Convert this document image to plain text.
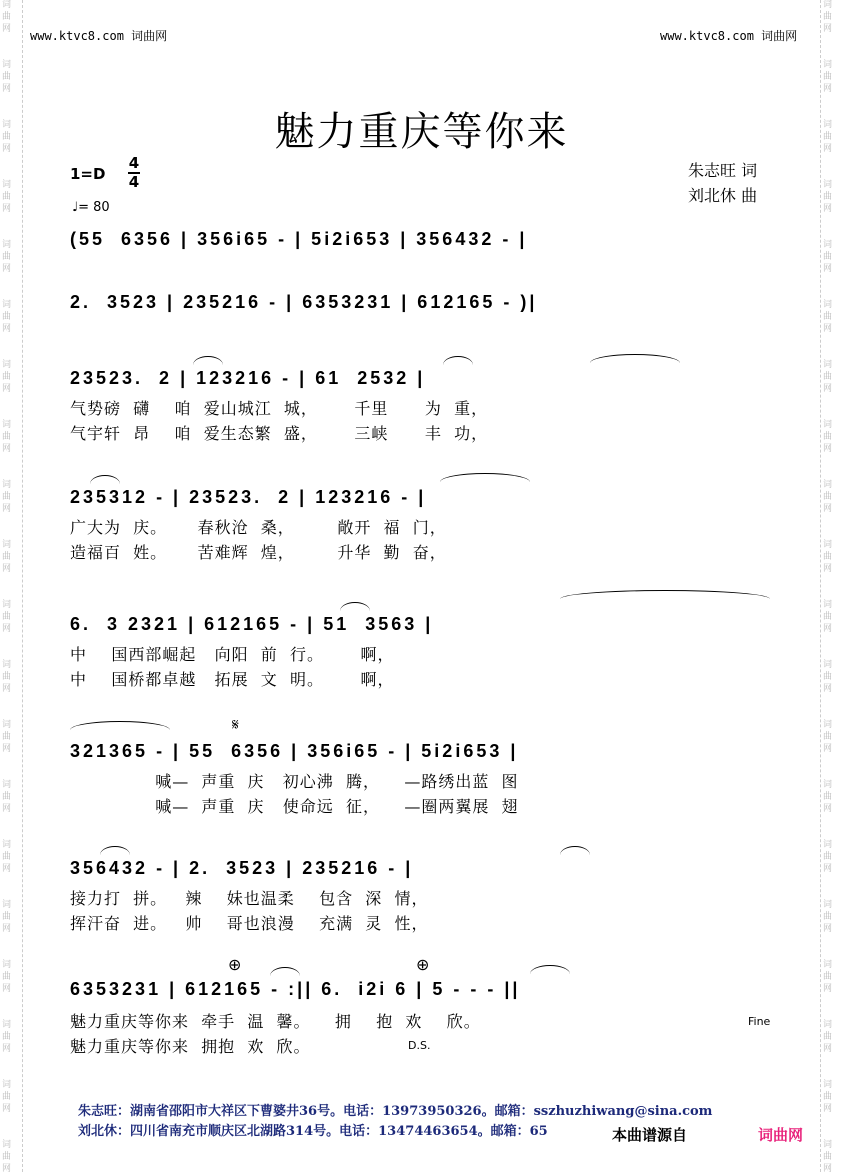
词
曲
网
词
曲
网
词
曲
网
词
曲
网
词
曲
网
词
曲
网
词
曲
网
词
曲
网
词
曲
网
词
曲
网
词
曲
网
词
曲
网
词
曲
网
词
曲
网
词
曲
网
词
曲
网
词
曲
网
词
曲
网
词
曲
网
词
曲
网
词
曲
网
词
曲
网
词
曲
网
词
曲
网
词
曲
网
词
曲
网
词
曲
网
词
曲
网
词
曲
网
词
曲
网
词
曲
网
词
曲
网
词
曲
网
词
曲
网
词
曲
网
词
曲
网
词
曲
网
词
曲
网
词
曲
网
词
曲
网
www.ktvc8.com 词曲网	www.ktvc8.com 词曲网
魅力重庆等你来
1=D
4
4
♩= 80
朱志旺 词
刘北休 曲
(55  6356 | 356i65 - | 5i2i653 | 356432 - |
2.  3523 | 235216 - | 6353231 | 612165 - )|
23523.  2 | 123216 - | 61  2532 |
气势磅  礴    咱  爱山城江  城，      千里      为  重，
气宇轩  昂    咱  爱生态繁  盛，      三峡      丰  功，
235312 - | 23523.  2 | 123216 - |
广大为  庆。     春秋沧  桑，       敞开  福  门，
造福百  姓。     苦难辉  煌，       升华  勤  奋，
6.  3 2321 | 612165 - | 51  3563 |
中    国西部崛起   向阳  前  行。      啊，
中    国桥都卓越   拓展  文  明。      啊，
𝄋
321365 - | 55  6356 | 356i65 - | 5i2i653 |
喊—  声重  庆   初心沸  腾，    —路绣出蓝  图
喊—  声重  庆   使命远  征，    —圈两翼展  翅
356432 - | 2.  3523 | 235216 - |
接力打  拼。   辣    妹也温柔    包含  深  情，
挥汗奋  进。   帅    哥也浪漫    充满  灵  性，
⊕	⊕
6353231 | 612165 - :|| 6.  i2i 6 | 5 - - - ||
魅力重庆等你来  牵手  温  馨。    拥    抱  欢    欣。
魅力重庆等你来  拥抱  欢  欣。
Fine
D.S.
朱志旺：湖南省邵阳市大祥区下曹婆井36号。电话：13973950326。邮箱：sszhuzhiwang@sina.com
刘北休：四川省南充市顺庆区北湖路314号。电话：13474463654。邮箱：65	本曲谱源自	词曲网
